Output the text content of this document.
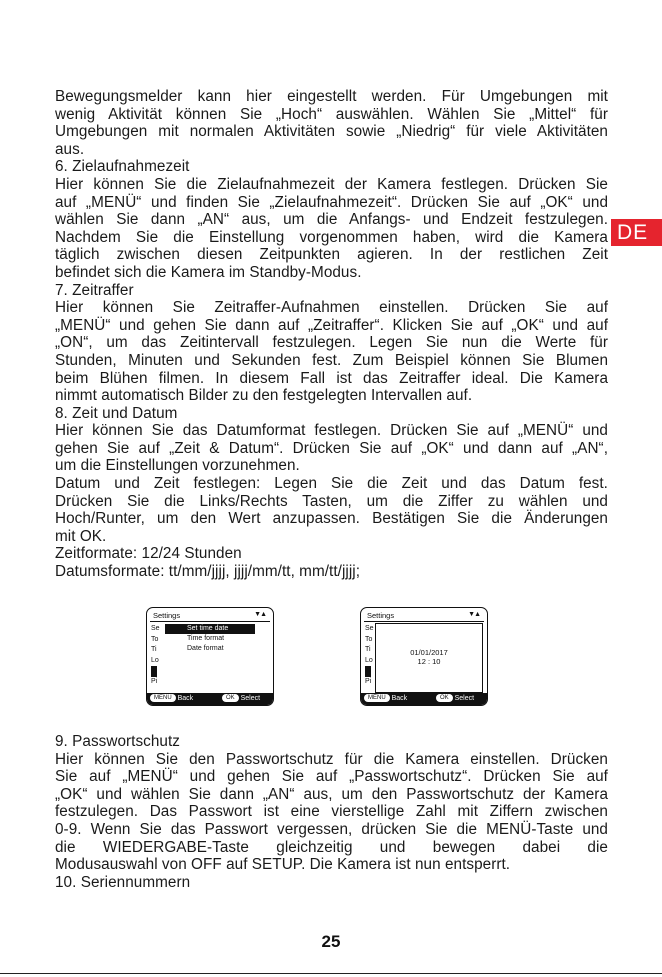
DE
Bewegungsmelder kann hier eingestellt werden. Für Umgebungen mit
wenig Aktivität können Sie „Hoch“ auswählen. Wählen Sie „Mittel“ für
Umgebungen mit normalen Aktivitäten sowie „Niedrig“ für viele Aktivitäten
aus.
6. Zielaufnahmezeit
Hier können Sie die Zielaufnahmezeit der Kamera festlegen. Drücken Sie
auf „MENÜ“ und finden Sie „Zielaufnahmezeit“. Drücken Sie auf „OK“ und
wählen Sie dann „AN“ aus, um die Anfangs- und Endzeit festzulegen.
Nachdem Sie die Einstellung vorgenommen haben, wird die Kamera
täglich zwischen diesen Zeitpunkten agieren. In der restlichen Zeit
befindet sich die Kamera im Standby-Modus.
7. Zeitraffer
Hier können Sie Zeitraffer-Aufnahmen einstellen. Drücken Sie auf
„MENÜ“ und gehen Sie dann auf „Zeitraffer“. Klicken Sie auf „OK“ und auf
„ON“, um das Zeitintervall festzulegen. Legen Sie nun die Werte für
Stunden, Minuten und Sekunden fest. Zum Beispiel können Sie Blumen
beim Blühen filmen. In diesem Fall ist das Zeitraffer ideal. Die Kamera
nimmt automatisch Bilder zu den festgelegten Intervallen auf.
8. Zeit und Datum
Hier können Sie das Datumformat festlegen. Drücken Sie auf „MENÜ“ und
gehen Sie auf „Zeit & Datum“. Drücken Sie auf „OK“ und dann auf „AN“,
um die Einstellungen vorzunehmen.
Datum und Zeit festlegen: Legen Sie die Zeit und das Datum fest.
Drücken Sie die Links/Rechts Tasten, um die Ziffer zu wählen und
Hoch/Runter, um den Wert anzupassen. Bestätigen Sie die Änderungen
mit OK.
Zeitformate: 12/24 Stunden
Datumsformate: tt/mm/jjjj, jjjj/mm/tt, mm/tt/jjjj;
Settings	▼▲
Se
To
Ti
Lo
Ti
Pi
Set time date
Time format
Date format
MENU Back	OK Select
Settings	▼▲
Se
To
Ti
Lo
Ti
Pi
01/01/2017
12 : 10
MENU Back	OK Select
9. Passwortschutz
Hier können Sie den Passwortschutz für die Kamera einstellen. Drücken
Sie auf „MENÜ“ und gehen Sie auf „Passwortschutz“. Drücken Sie auf
„OK“ und wählen Sie dann „AN“ aus, um den Passwortschutz der Kamera
festzulegen. Das Passwort ist eine vierstellige Zahl mit Ziffern zwischen
0-9. Wenn Sie das Passwort vergessen, drücken Sie die MENÜ-Taste und
die WIEDERGABE-Taste gleichzeitig und bewegen dabei die
Modusauswahl von OFF auf SETUP. Die Kamera ist nun entsperrt.
10. Seriennummern
25
